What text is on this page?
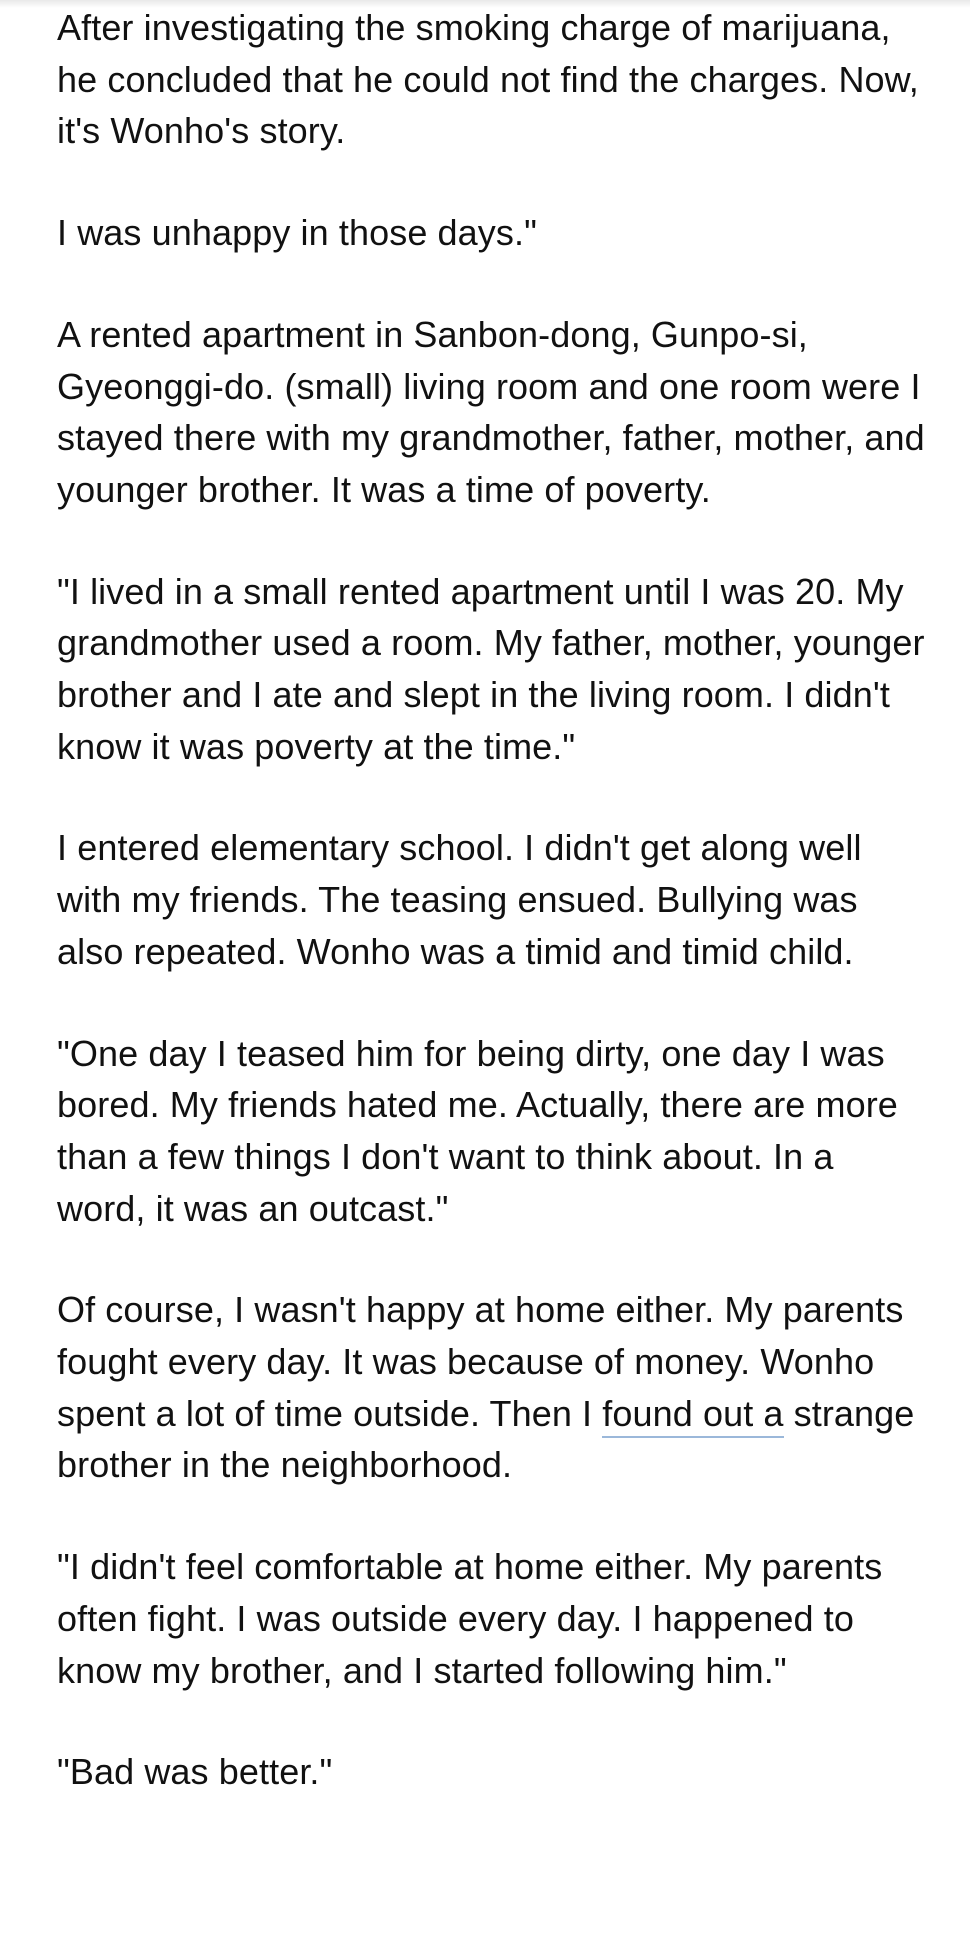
After investigating the smoking charge of marijuana, he concluded that he could not find the charges. Now, it's Wonho's story.

I was unhappy in those days."

A rented apartment in Sanbon-dong, Gunpo-si, Gyeonggi-do. (small) living room and one room were I stayed there with my grandmother, father, mother, and younger brother. It was a time of poverty.

"I lived in a small rented apartment until I was 20. My grandmother used a room. My father, mother, younger brother and I ate and slept in the living room. I didn't know it was poverty at the time."

I entered elementary school. I didn't get along well with my friends. The teasing ensued. Bullying was also repeated. Wonho was a timid and timid child.

"One day I teased him for being dirty, one day I was bored. My friends hated me. Actually, there are more than a few things I don't want to think about. In a word, it was an outcast."

Of course, I wasn't happy at home either. My parents fought every day. It was because of money. Wonho spent a lot of time outside. Then I found out a strange brother in the neighborhood.

"I didn't feel comfortable at home either. My parents often fight. I was outside every day. I happened to know my brother, and I started following him."

"Bad was better."
